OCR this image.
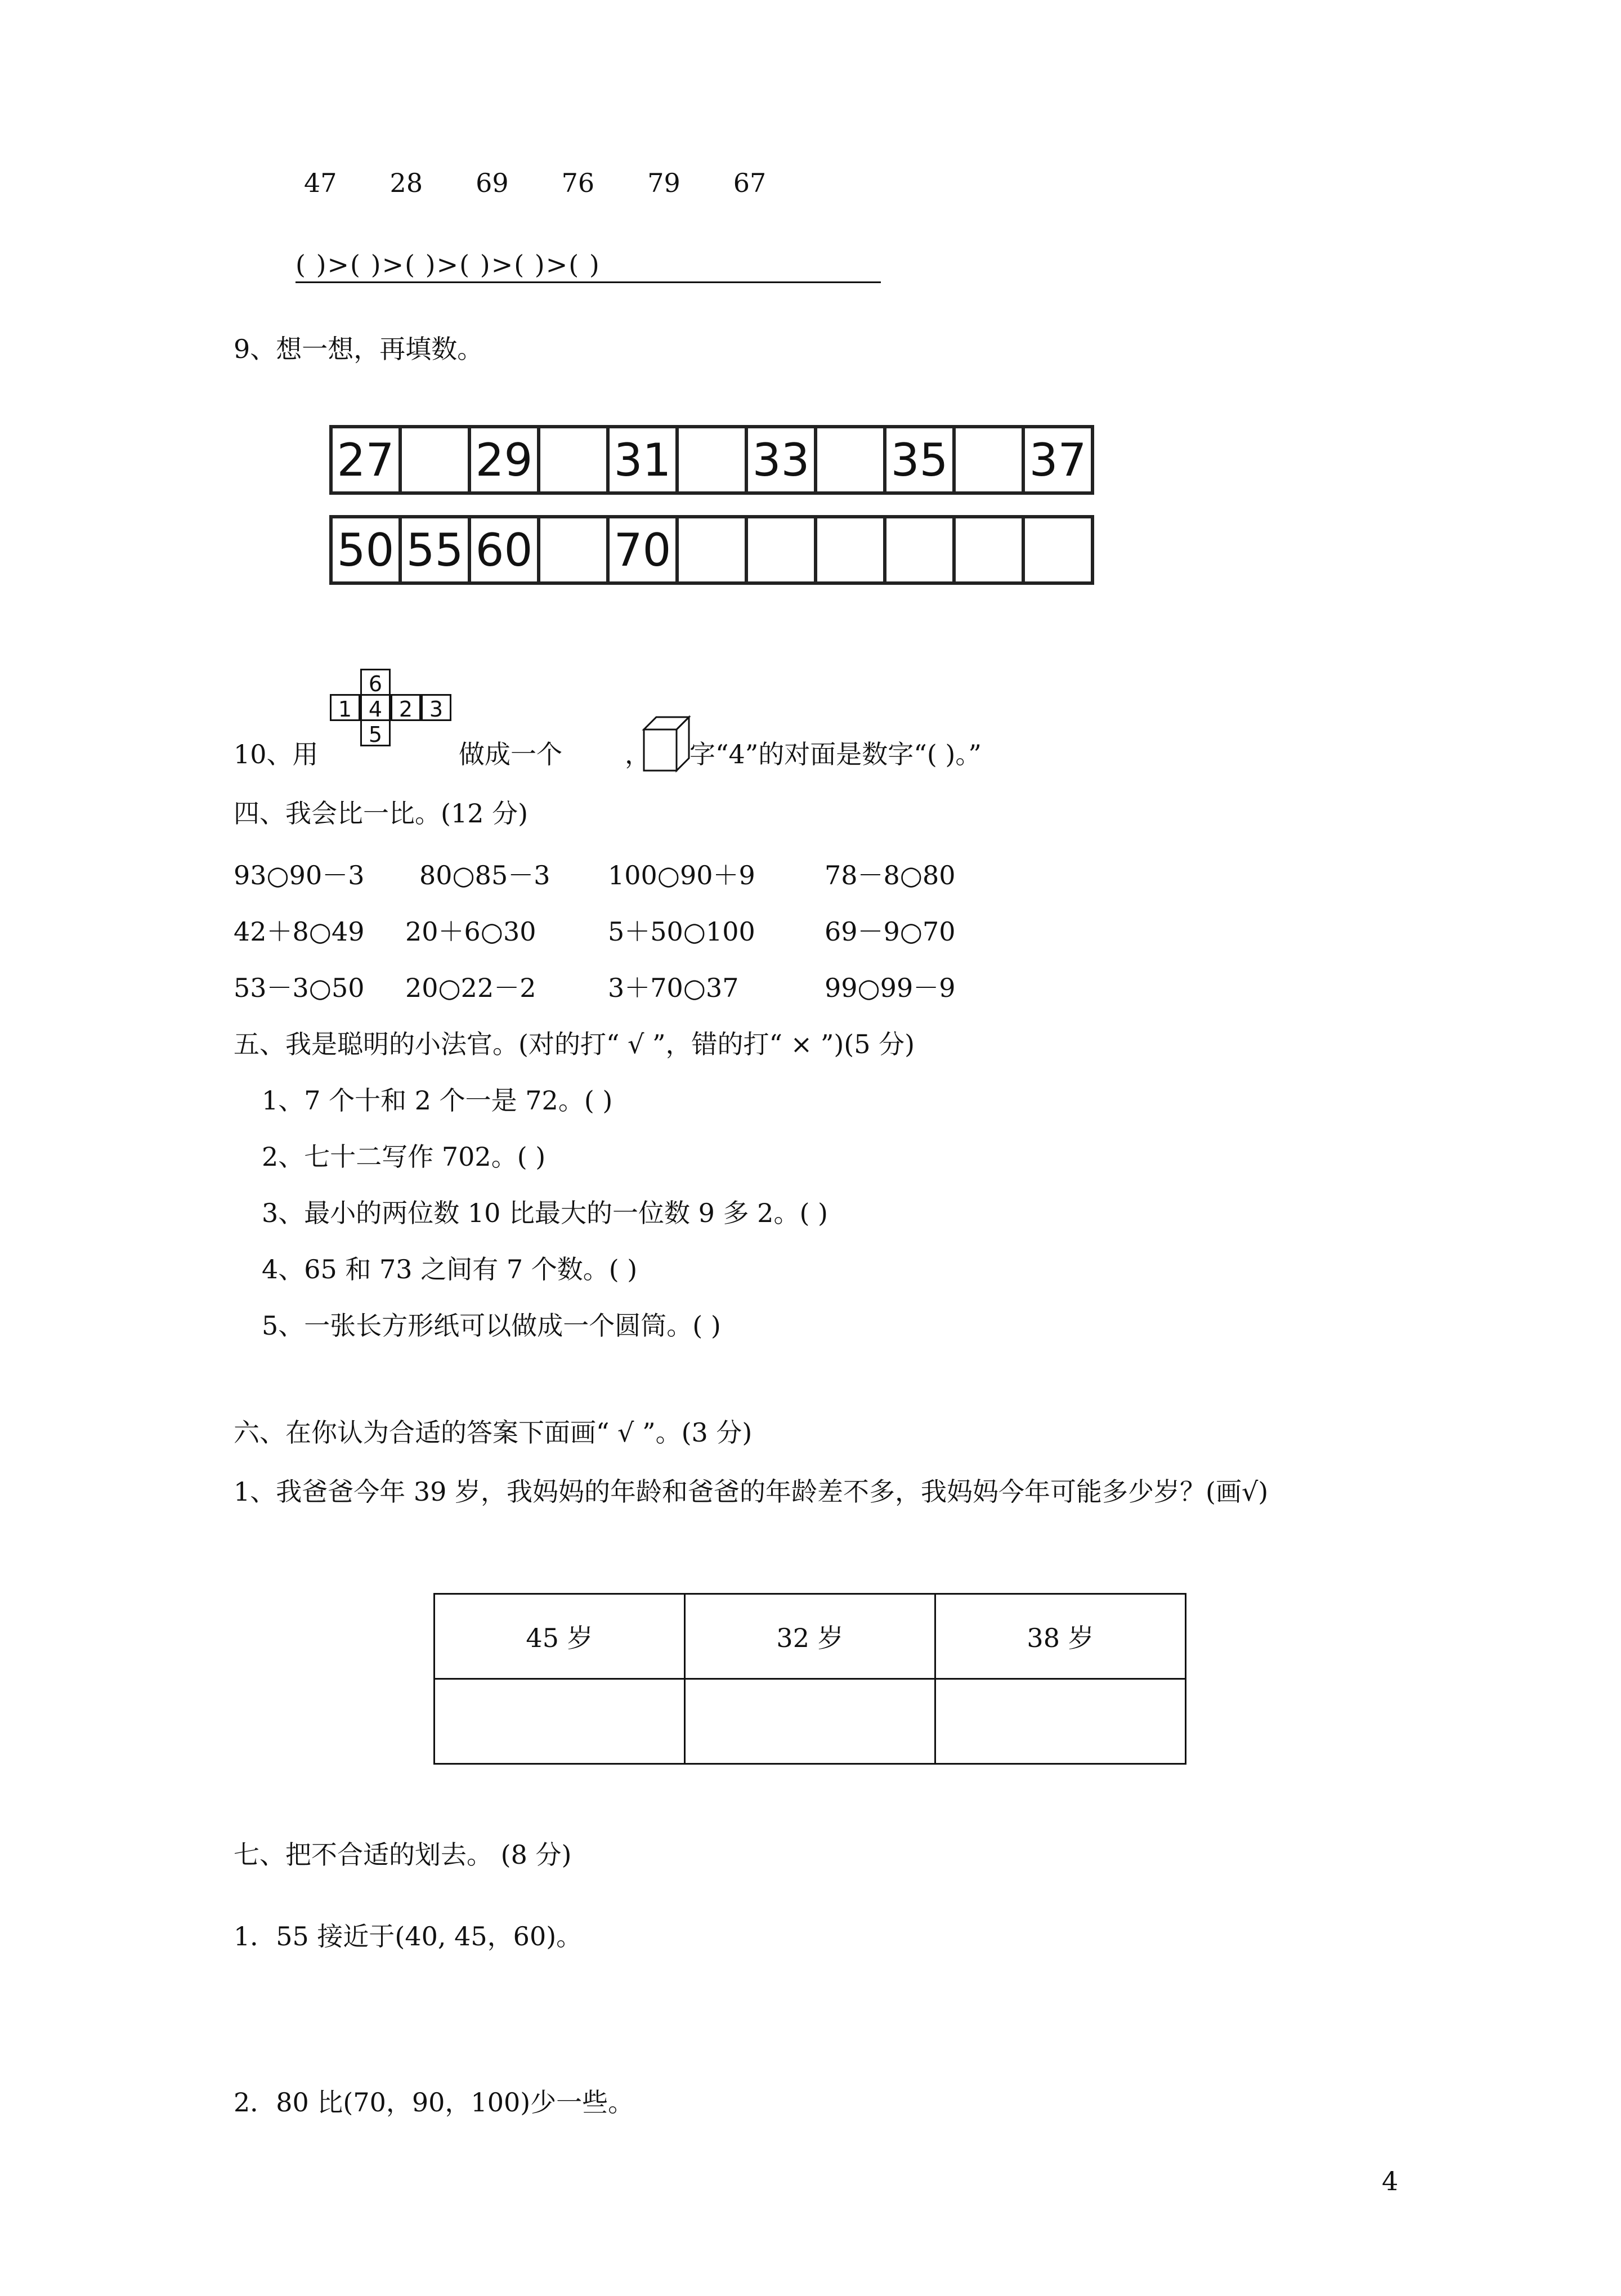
47 28 69 76 79 67
( )>( )>( )>( )>( )>( )
9、想一想，再填数。
27		29		31		33		35		37
50	55	60		70						
6
1 4 2 3
5
10、用	做成一个 ， 字“4”的对面是数字“( )。”
四、我会比一比。(12 分)
93○90－3 80○85－3 100○90＋9	78－8○80
42＋8○49 20＋6○30	5＋50○100	69－9○70
53－3○50 20○22－2	3＋70○37	99○99－9
五、我是聪明的小法官。(对的打“ √ ”，错的打“ × ”)(5 分)
1、7 个十和 2 个一是 72。( )
2、七十二写作 702。( )
3、最小的两位数 10 比最大的一位数 9 多 2。( )
4、65 和 73 之间有 7 个数。( )
5、一张长方形纸可以做成一个圆筒。( )
六、在你认为合适的答案下面画“ √ ”。(3 分)
1、我爸爸今年 39 岁，我妈妈的年龄和爸爸的年龄差不多，我妈妈今年可能多少岁？(画√)
45 岁	32 岁	38 岁

七、把不合适的划去。 (8 分)
1．55 接近于(40, 45，60)。
2．80 比(70，90，100)少一些。
4
